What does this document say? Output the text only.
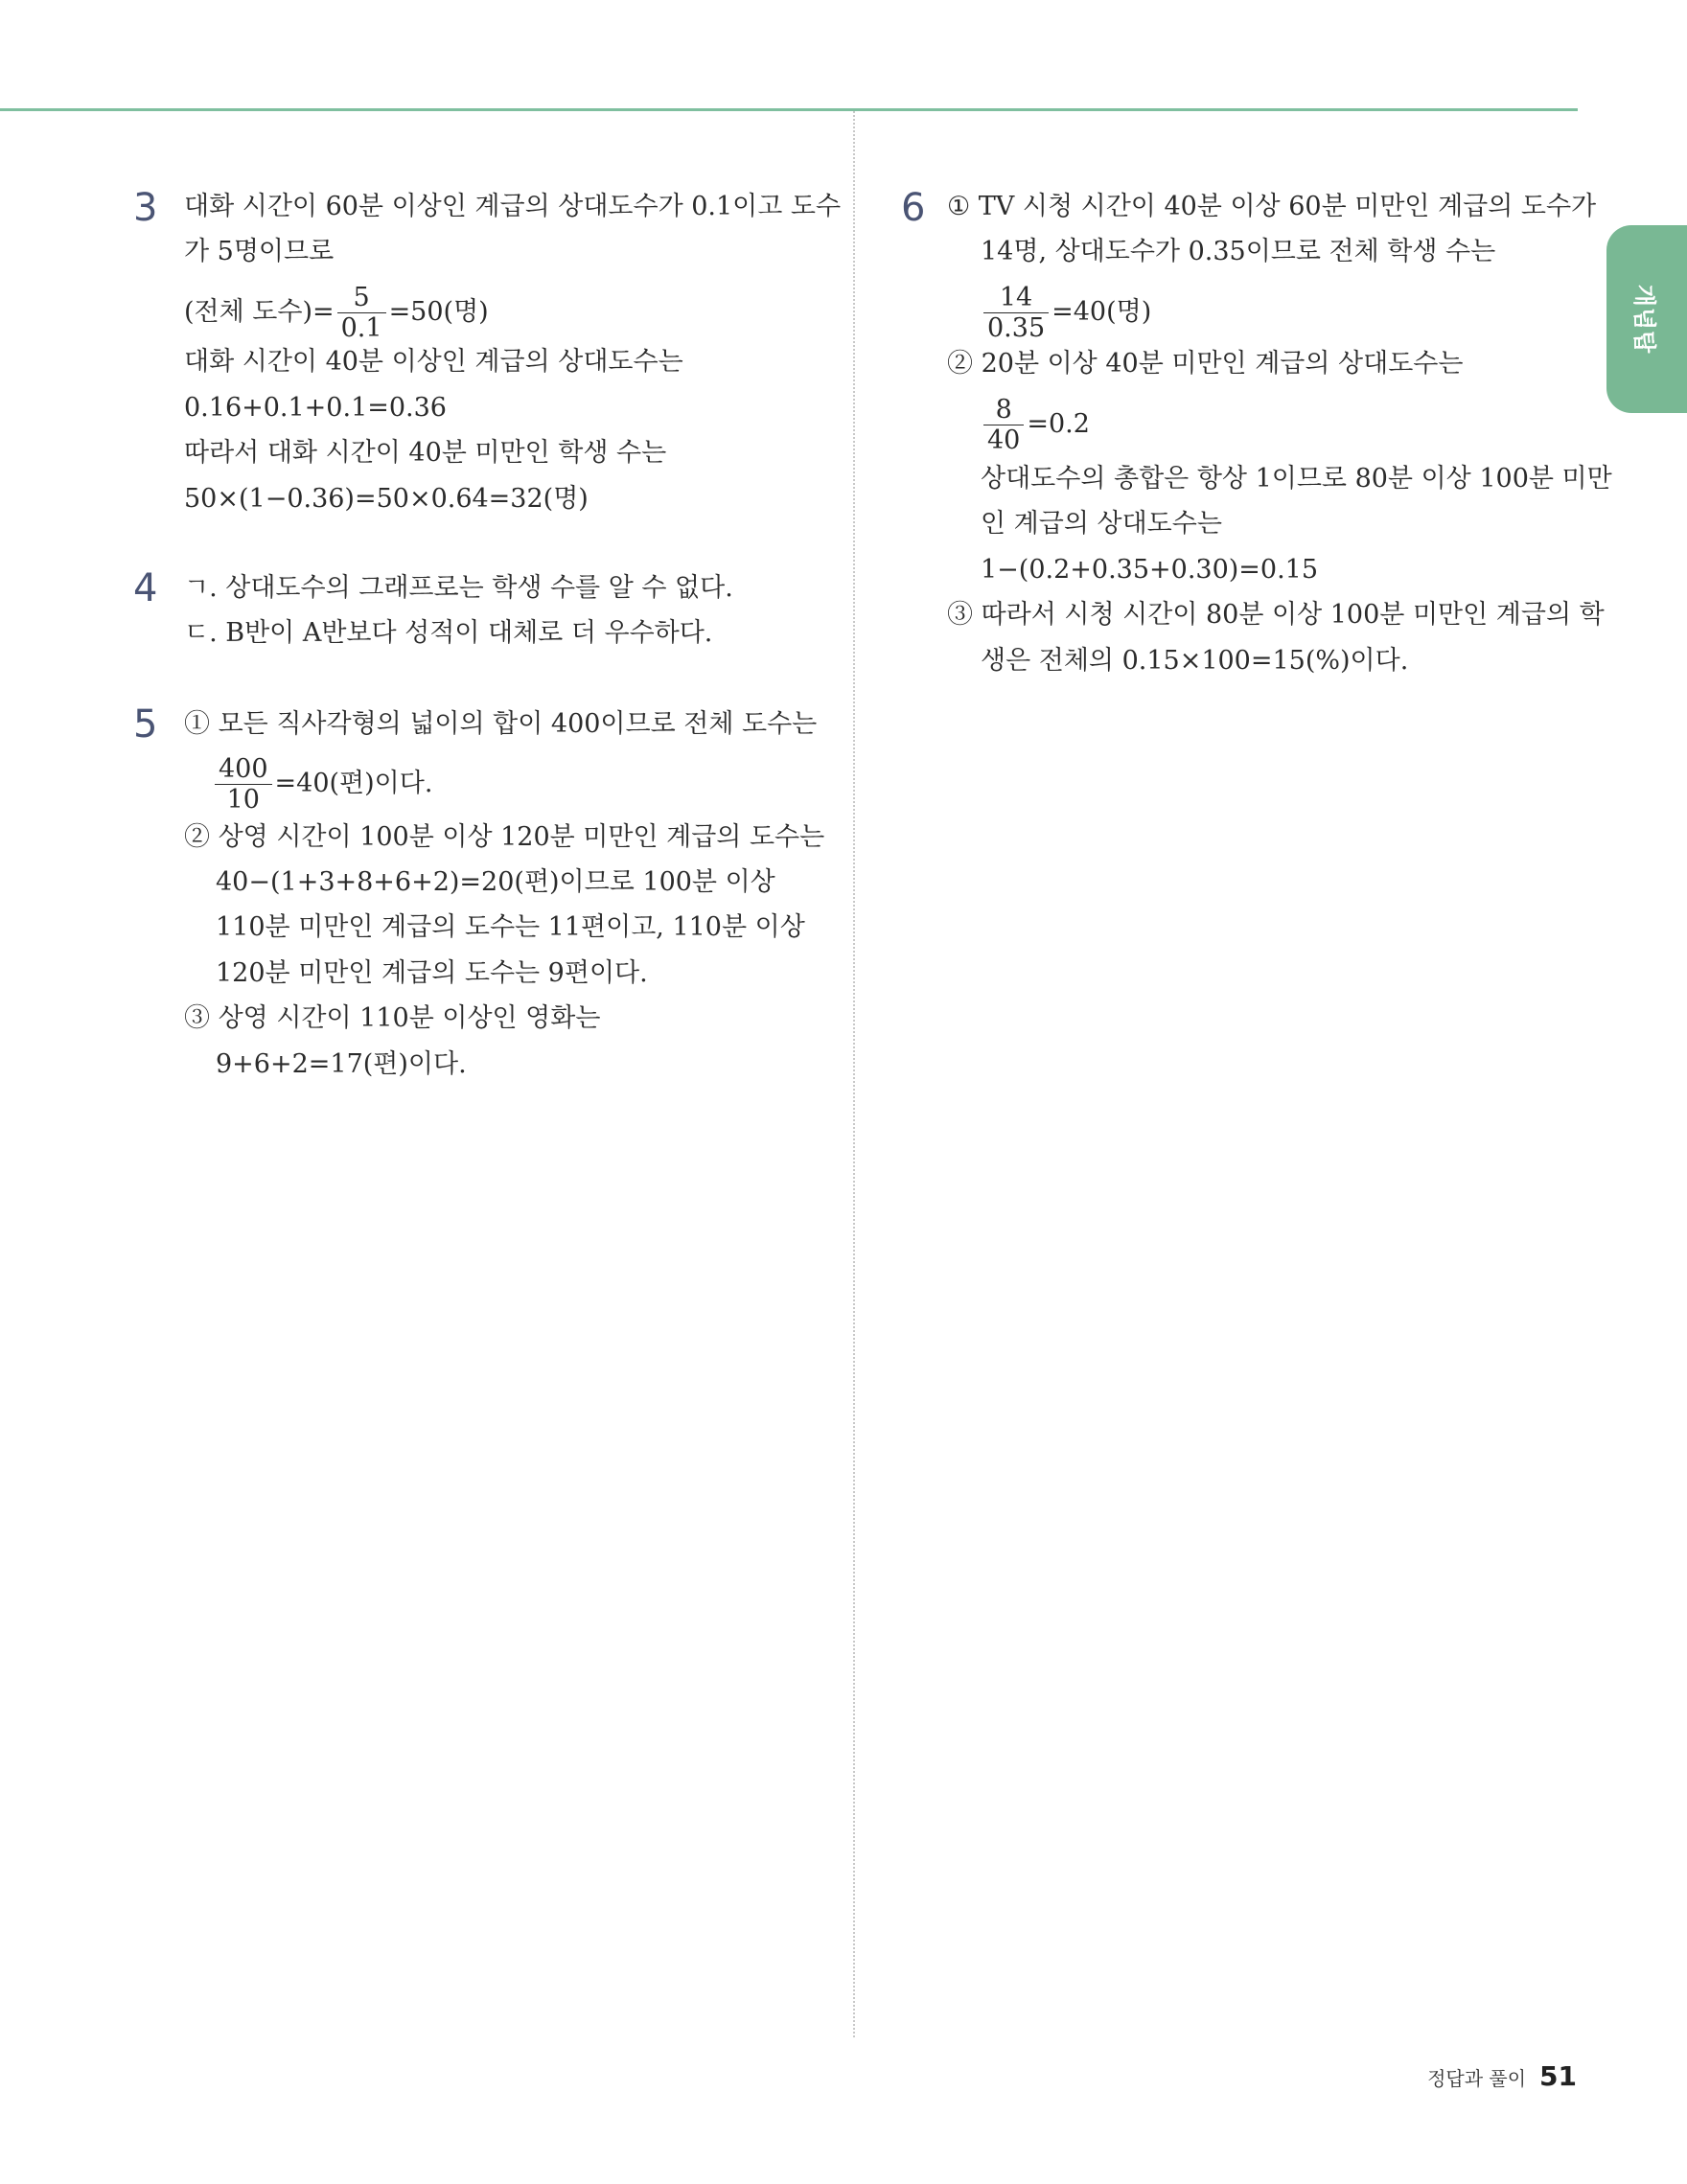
개념탑
3 대화 시간이 60분 이상인 계급의 상대도수가 0.1이고 도수
가 5명이므로
(전체 도수)= $\frac{5}{0.1} =50$(명)
대화 시간이 40분 이상인 계급의 상대도수는
0.16+0.1+0.1=0.36
따라서 대화 시간이 40분 미만인 학생 수는
50×(1−0.36)=50×0.64=32(명)
4 ㄱ. 상대도수의 그래프로는 학생 수를 알 수 없다.
ㄷ. B반이 A반보다 성적이 대체로 더 우수하다.
5 ① 모든 직사각형의 넓이의 합이 400이므로 전체 도수는
$\frac{400}{10} =40$(편)이다.
② 상영 시간이 100분 이상 120분 미만인 계급의 도수는
40−(1+3+8+6+2)=20(편)이므로 100분 이상
110분 미만인 계급의 도수는 11편이고, 110분 이상
120분 미만인 계급의 도수는 9편이다.
③ 상영 시간이 110분 이상인 영화는
9+6+2=17(편)이다.
6 ① TV 시청 시간이 40분 이상 60분 미만인 계급의 도수가
14명, 상대도수가 0.35이므로 전체 학생 수는
$\frac{14}{0.35} =40$(명)
② 20분 이상 40분 미만인 계급의 상대도수는
$\frac{8}{40} =0.2$
상대도수의 총합은 항상 1이므로 80분 이상 100분 미만
인 계급의 상대도수는
1−(0.2+0.35+0.30)=0.15
③ 따라서 시청 시간이 80분 이상 100분 미만인 계급의 학
생은 전체의 0.15×100=15(%)이다.
정답과 풀이 51
